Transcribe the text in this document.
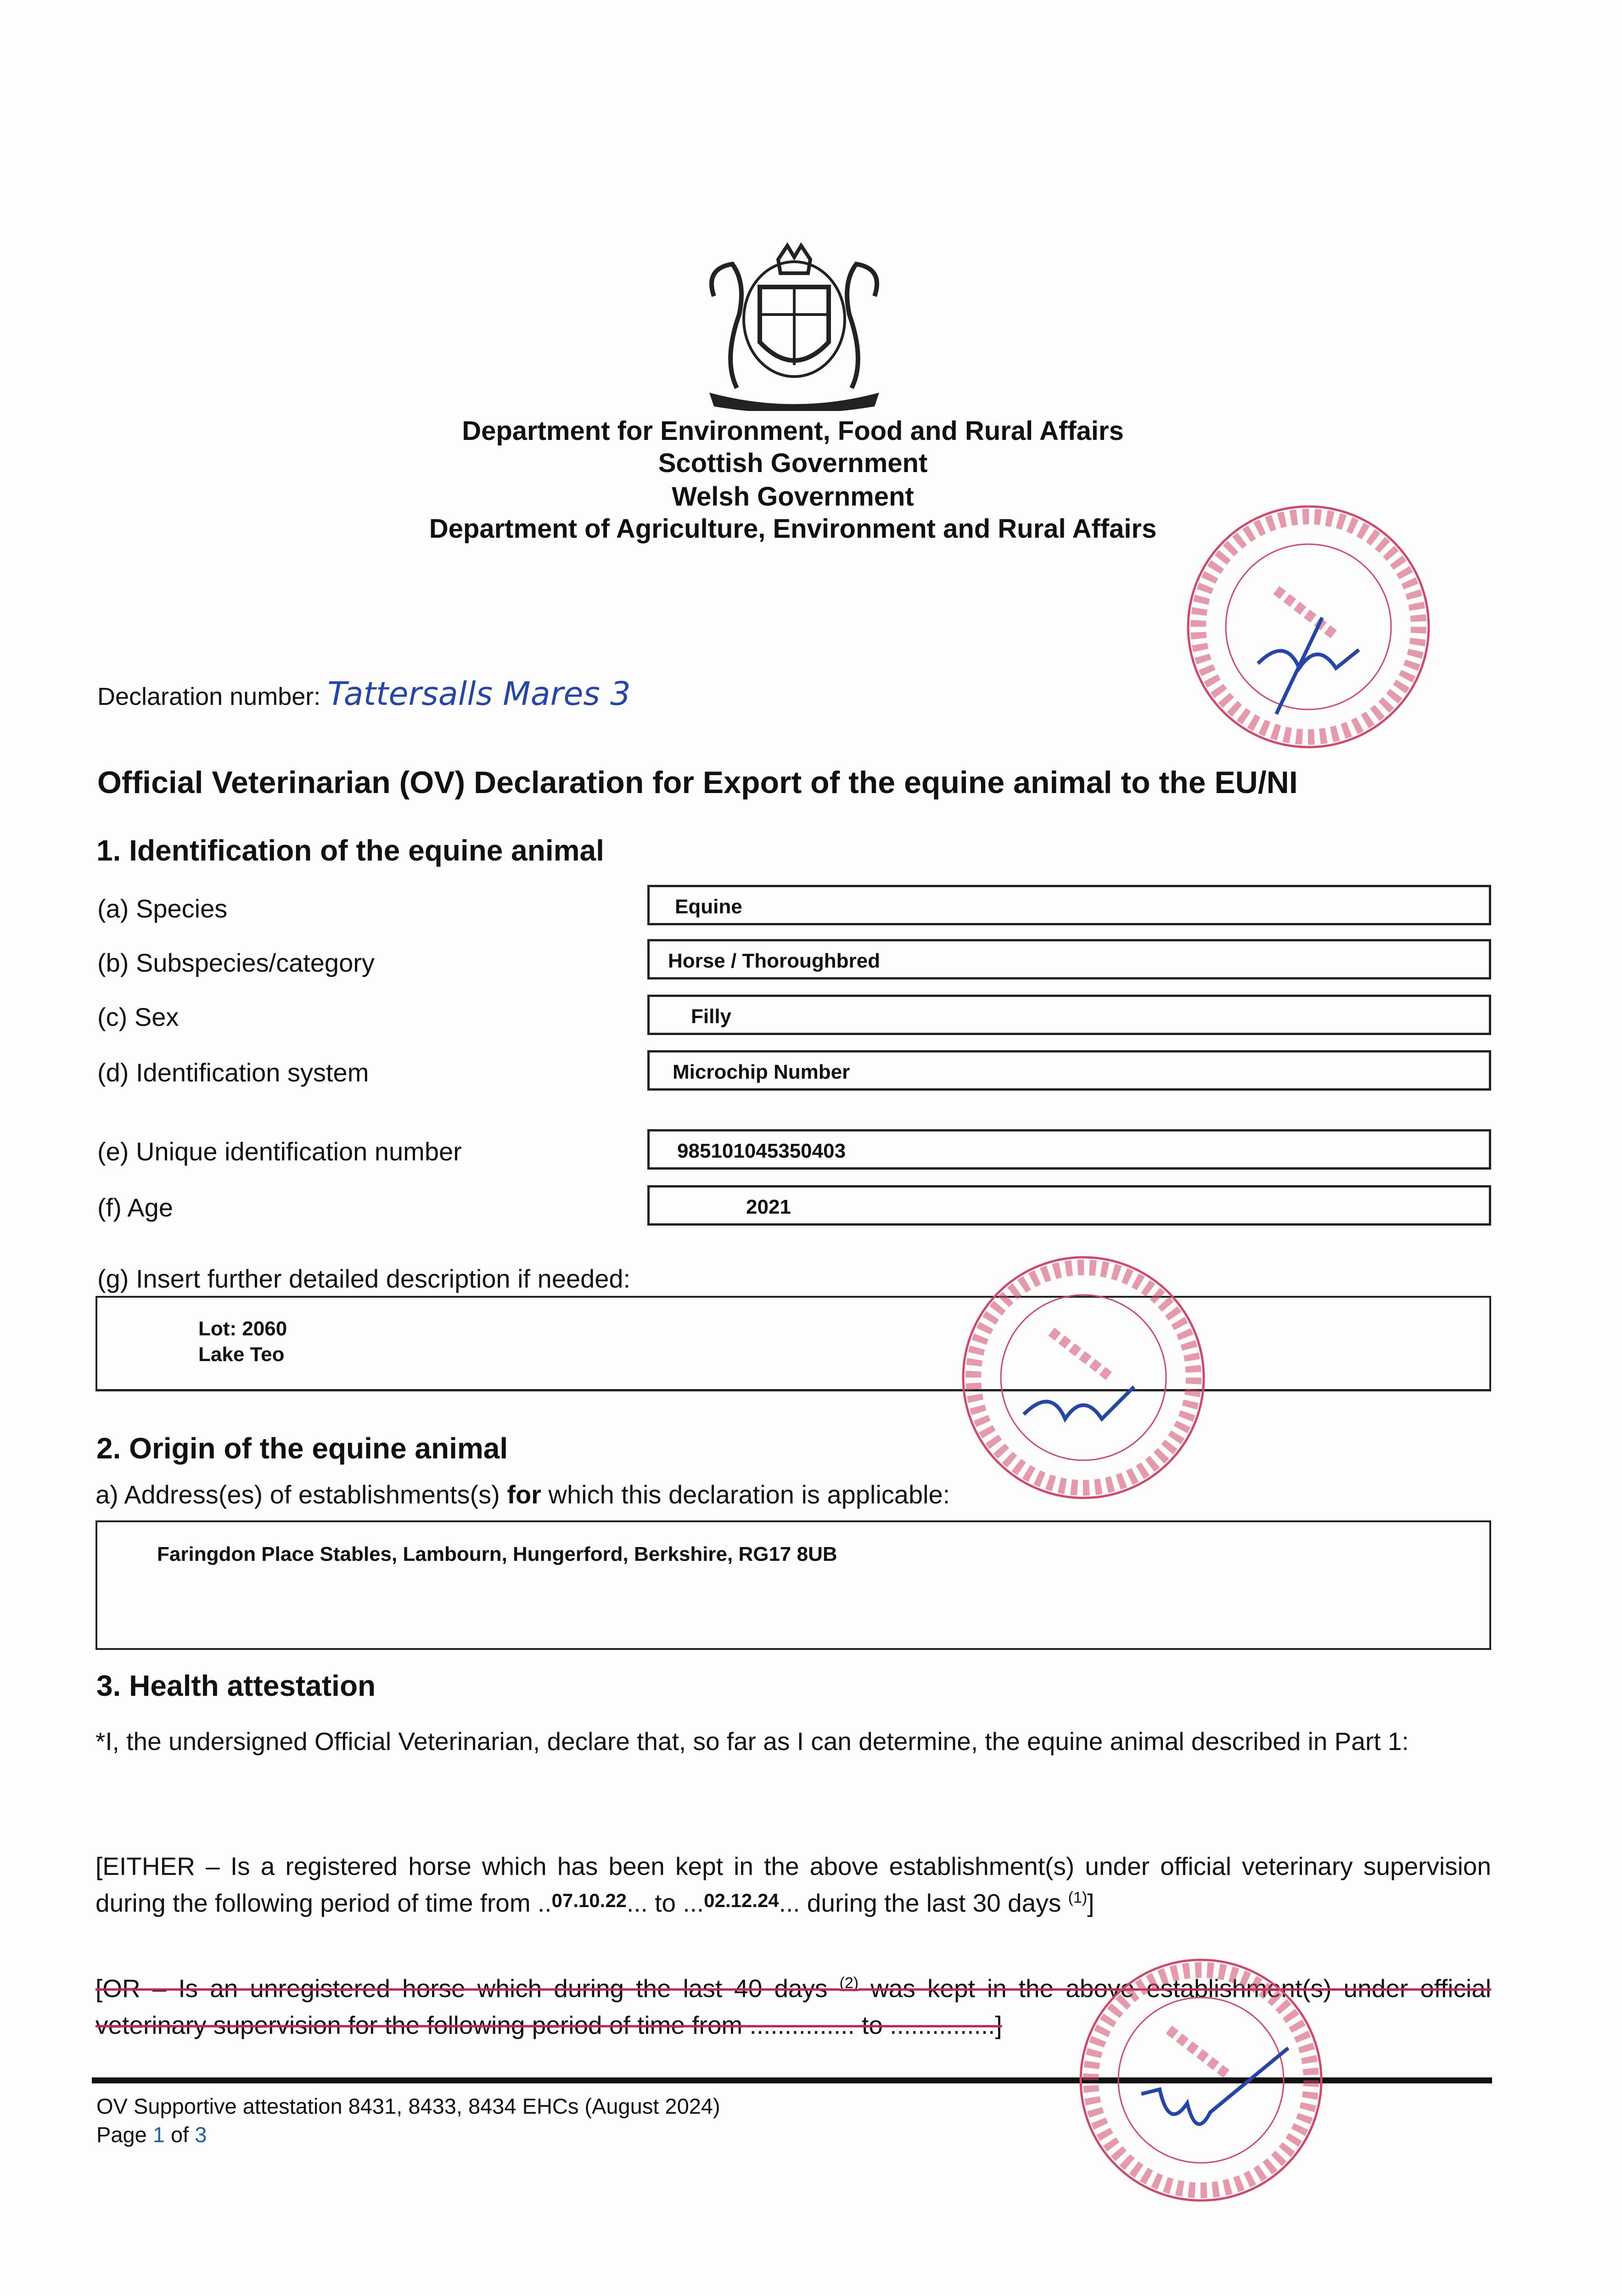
Department for Environment, Food and Rural Affairs
Scottish Government
Welsh Government
Department of Agriculture, Environment and Rural Affairs
Declaration number: Tattersalls Mares 3
Official Veterinarian (OV) Declaration for Export of the equine animal to the EU/NI
1. Identification of the equine animal
(a) Species	Equine
(b) Subspecies/category	Horse / Thoroughbred
(c) Sex	Filly
(d) Identification system	Microchip Number
(e) Unique identification number	985101045350403
(f) Age	2021
(g) Insert further detailed description if needed:
Lot: 2060
Lake Teo
2. Origin of the equine animal
a) Address(es) of establishments(s) for which this declaration is applicable:
Faringdon Place Stables, Lambourn, Hungerford, Berkshire, RG17 8UB
3. Health attestation
*I, the undersigned Official Veterinarian, declare that, so far as I can determine, the equine animal described in Part 1:
[EITHER – Is a registered horse which has been kept in the above establishment(s) under official veterinary supervision during the following period of time from ..07.10.22... to ...02.12.24... during the last 30 days $^{(1)}$]
[OR – Is an unregistered horse which during the last 40 days $^{(2)}$ was kept in the above establishment(s) under official veterinary supervision for the following period of time from ............... to ...............]
OV Supportive attestation 8431, 8433, 8434 EHCs (August 2024)
Page 1 of 3
